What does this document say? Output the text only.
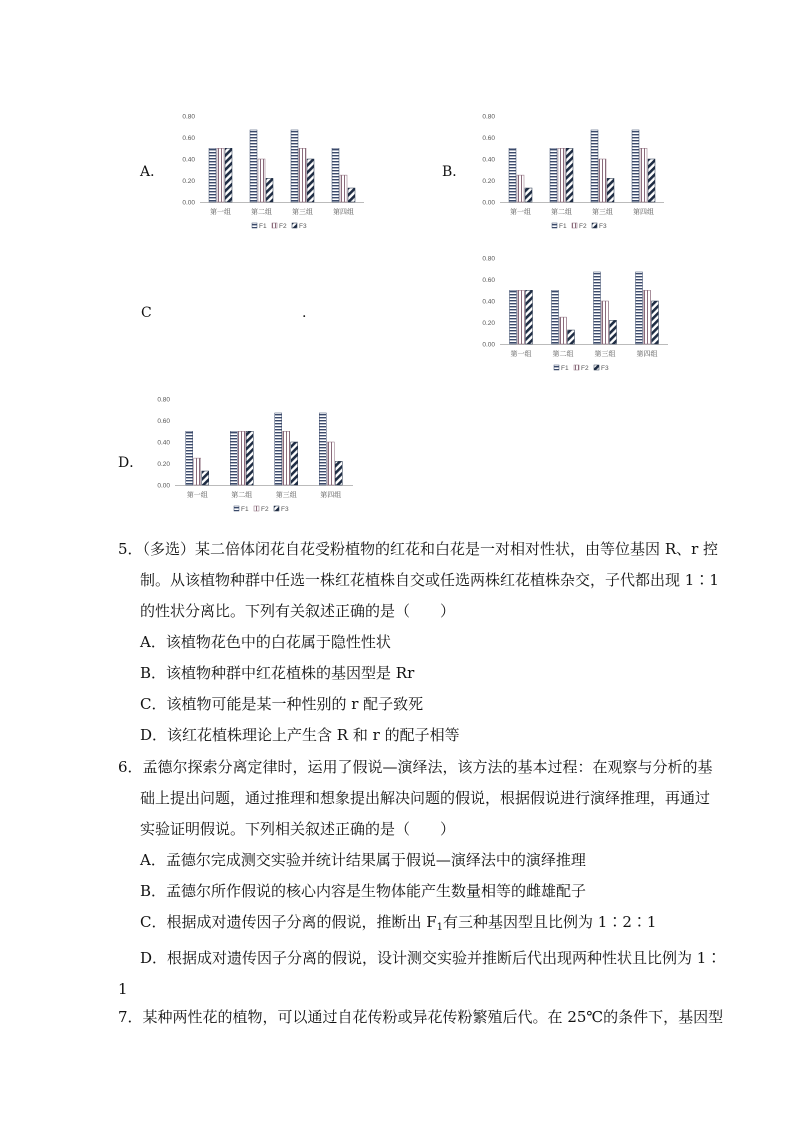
A．	B．
C	.
D．
0.00
0.20
0.40
0.60
0.80
第一组	第二组	第三组	第四组
F1 F2 F3
0.00
0.20
0.40
0.60
0.80
第一组	第二组	第三组	第四组
F1 F2 F3
0.00
0.20
0.40
0.60
0.80
第一组	第二组	第三组	第四组
F1 F2 F3
0.00
0.20
0.40
0.60
0.80
第一组	第二组	第三组	第四组
F1 F2 F3

5．（多选）某二倍体闭花自花受粉植物的红花和白花是一对相对性状，由等位基因 R、r 控

制。从该植物种群中任选一株红花植株自交或任选两株红花植株杂交，子代都出现 1∶1

的性状分离比。下列有关叙述正确的是（　　）

A．该植物花色中的白花属于隐性性状

B．该植物种群中红花植株的基因型是 Rr

C．该植物可能是某一种性别的 r 配子致死

D．该红花植株理论上产生含 R 和 r 的配子相等

6．孟德尔探索分离定律时，运用了假说—演绎法，该方法的基本过程：在观察与分析的基

础上提出问题，通过推理和想象提出解决问题的假说，根据假说进行演绎推理，再通过

实验证明假说。下列相关叙述正确的是（　　）

A．孟德尔完成测交实验并统计结果属于假说—演绎法中的演绎推理

B．孟德尔所作假说的核心内容是生物体能产生数量相等的雌雄配子

C．根据成对遗传因子分离的假说，推断出 $F_1$有三种基因型且比例为 1∶2∶1

D．根据成对遗传因子分离的假说，设计测交实验并推断后代出现两种性状且比例为 1∶

1

7．某种两性花的植物，可以通过自花传粉或异花传粉繁殖后代。在 25℃的条件下，基因型
